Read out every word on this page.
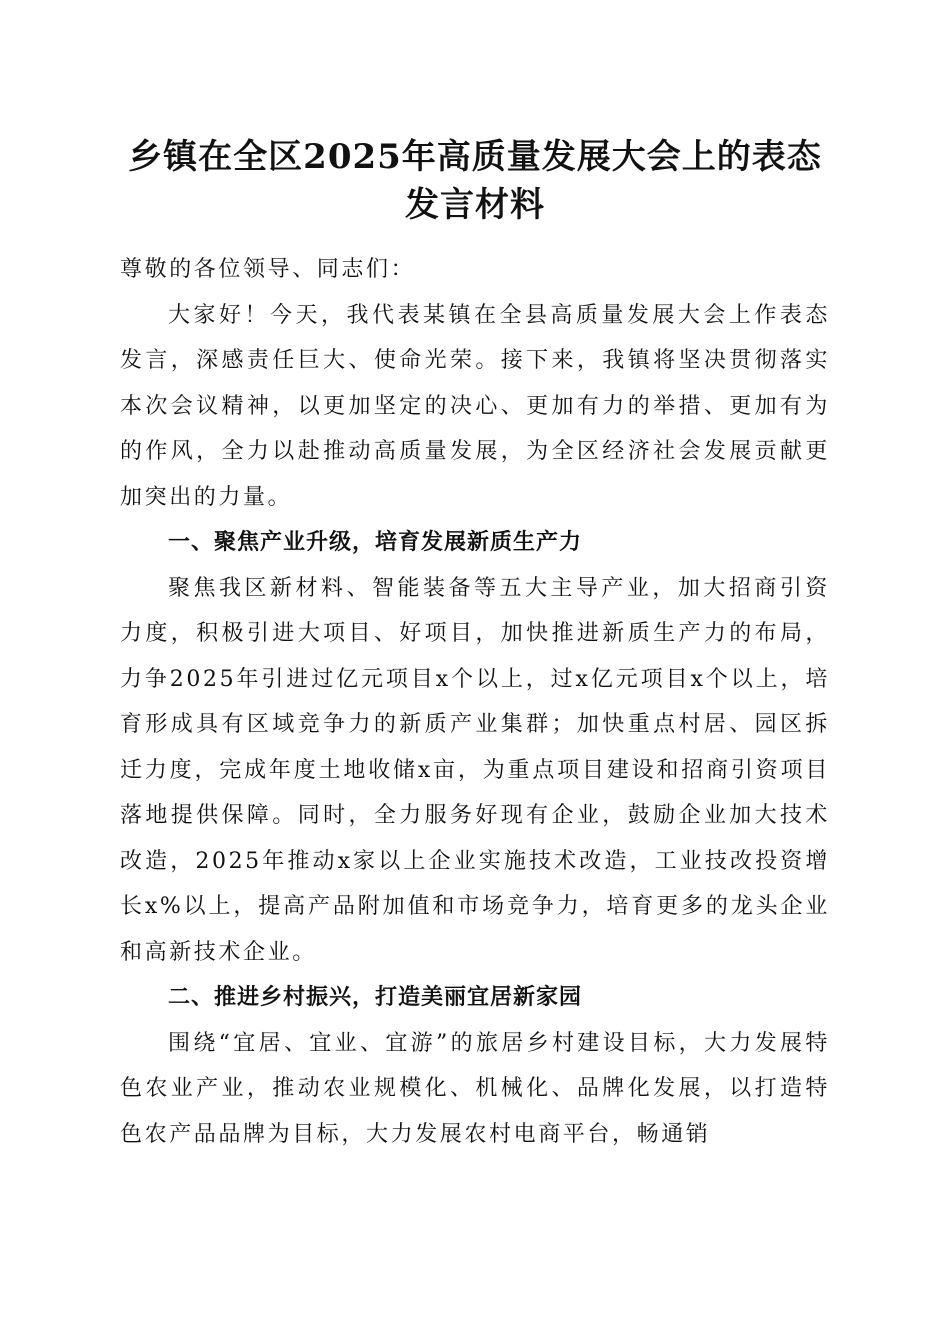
乡镇在全区2025年高质量发展大会上的表态
发言材料

尊敬的各位领导、同志们：

大家好！今天，我代表某镇在全县高质量发展大会上作表态发言，深感责任巨大、使命光荣。接下来，我镇将坚决贯彻落实本次会议精神，以更加坚定的决心、更加有力的举措、更加有为的作风，全力以赴推动高质量发展，为全区经济社会发展贡献更加突出的力量。

一、聚焦产业升级，培育发展新质生产力

聚焦我区新材料、智能装备等五大主导产业，加大招商引资力度，积极引进大项目、好项目，加快推进新质生产力的布局，力争2025年引进过亿元项目x个以上，过x亿元项目x个以上，培育形成具有区域竞争力的新质产业集群；加快重点村居、园区拆迁力度，完成年度土地收储x亩，为重点项目建设和招商引资项目落地提供保障。同时，全力服务好现有企业，鼓励企业加大技术改造，2025年推动x家以上企业实施技术改造，工业技改投资增长x%以上，提高产品附加值和市场竞争力，培育更多的龙头企业和高新技术企业。

二、推进乡村振兴，打造美丽宜居新家园

围绕“宜居、宜业、宜游”的旅居乡村建设目标，大力发展特色农业产业，推动农业规模化、机械化、品牌化发展，以打造特色农产品品牌为目标，大力发展农村电商平台，畅通销
